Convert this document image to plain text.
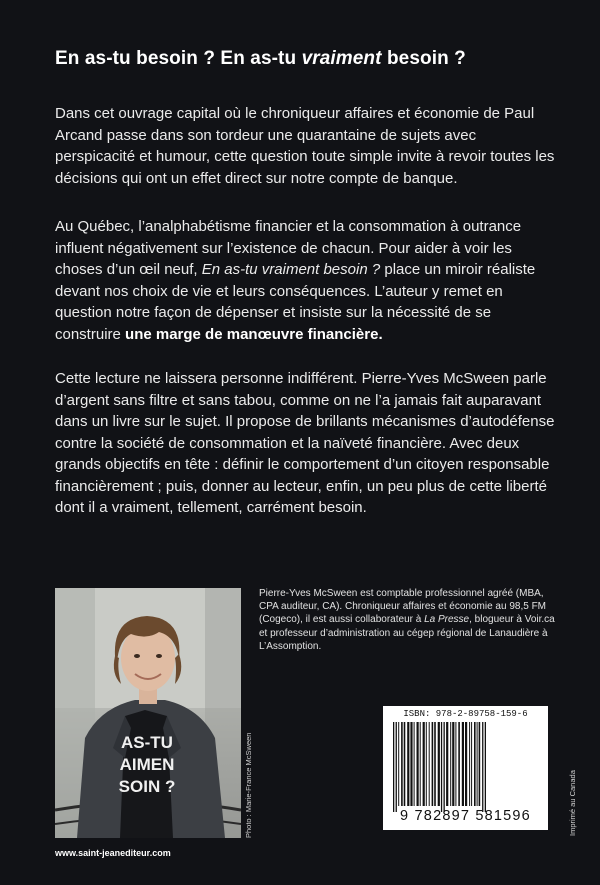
En as-tu besoin ? En as-tu vraiment besoin ?

Dans cet ouvrage capital où le chroniqueur affaires et économie de Paul Arcand passe dans son tordeur une quarantaine de sujets avec perspicacité et humour, cette question toute simple invite à revoir toutes les décisions qui ont un effet direct sur notre compte de banque.

Au Québec, l’analphabétisme financier et la consommation à outrance influent négativement sur l’existence de chacun. Pour aider à voir les choses d’un œil neuf, En as-tu vraiment besoin ? place un miroir réaliste devant nos choix de vie et leurs conséquences. L’auteur y remet en question notre façon de dépenser et insiste sur la nécessité de se construire une marge de manœuvre financière.

Cette lecture ne laissera personne indifférent. Pierre-Yves McSween parle d’argent sans filtre et sans tabou, comme on ne l’a jamais fait auparavant dans un livre sur le sujet. Il propose de brillants mécanismes d’autodéfense contre la société de consommation et la naïveté financière. Avec deux grands objectifs en tête : définir le comportement d’un citoyen responsable financièrement ; puis, donner au lecteur, enfin, un peu plus de cette liberté dont il a vraiment, tellement, carrément besoin.

AS-TU
AIMEN
SOIN ?	Photo : Marie-France McSween
www.saint-jeanediteur.com

Pierre-Yves McSween est comptable professionnel agréé (MBA, CPA auditeur, CA). Chroniqueur affaires et économie au 98,5 FM (Cogeco), il est aussi collaborateur à La Presse, blogueur à Voir.ca et professeur d’administration au cégep régional de Lanaudière à L’Assomption.

ISBN: 978-2-89758-159-6
9 782897 581596	Imprimé au Canada
